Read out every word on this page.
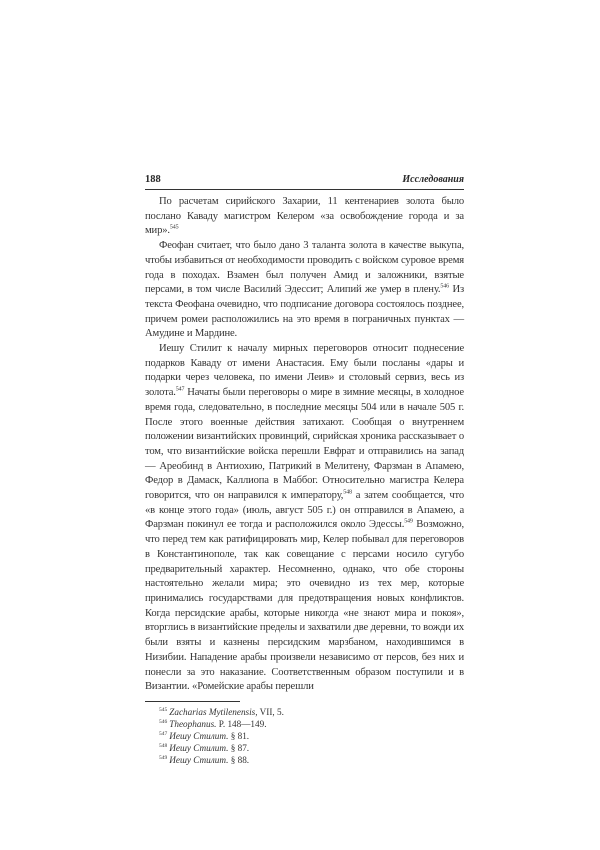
188	Исследования

По расчетам сирийского Захарии, 11 кентенариев золота было послано Каваду магистром Келером «за освобождение города и за мир».$^{545}$

Феофан считает, что было дано 3 таланта золота в качестве выкупа, чтобы избавиться от необходимости проводить с войском суровое время года в походах. Взамен был получен Амид и заложники, взятые персами, в том числе Василий Эдессит; Алипий же умер в плену.$^{546}$ Из текста Феофана очевидно, что подписание договора состоялось позднее, причем ромеи расположились на это время в пограничных пунктах — Амудине и Мардине.

Иешу Стилит к началу мирных переговоров относит поднесение подарков Каваду от имени Анастасия. Ему были посланы «дары и подарки через человека, по имени Леив» и столовый сервиз, весь из золота.$^{547}$ Начаты были переговоры о мире в зимние месяцы, в холодное время года, следовательно, в последние месяцы 504 или в начале 505 г. После этого военные действия затихают. Сообщая о внутреннем положении византийских провинций, сирийская хроника рассказывает о том, что византийские войска перешли Евфрат и отправились на запад — Ареобинд в Антиохию, Патрикий в Мелитену, Фарзман в Апамею, Федор в Дамаск, Каллиопа в Маббог. Относительно магистра Келера говорится, что он направился к императору,$^{548}$ а затем сообщается, что «в конце этого года» (июль, август 505 г.) он отправился в Апамею, а Фарзман покинул ее тогда и расположился около Эдессы.$^{549}$ Возможно, что перед тем как ратифицировать мир, Келер побывал для переговоров в Константинополе, так как совещание с персами носило сугубо предварительный характер. Несомненно, однако, что обе стороны настоятельно желали мира; это очевидно из тех мер, которые принимались государствами для предотвращения новых конфликтов. Когда персидские арабы, которые никогда «не знают мира и покоя», вторглись в византийские пределы и захватили две деревни, то вожди их были взяты и казнены персидским марзбаном, находившимся в Низибии. Нападение арабы произвели независимо от персов, без них и понесли за это наказание. Соответственным образом поступили и в Византии. «Ромейские арабы перешли

$^{545}$ Zacharias Mytilenensis, VII, 5.
$^{546}$ Theophanus. P. 148—149.
$^{547}$ Иешу Стилит. § 81.
$^{548}$ Иешу Стилит. § 87.
$^{549}$ Иешу Стилит. § 88.
